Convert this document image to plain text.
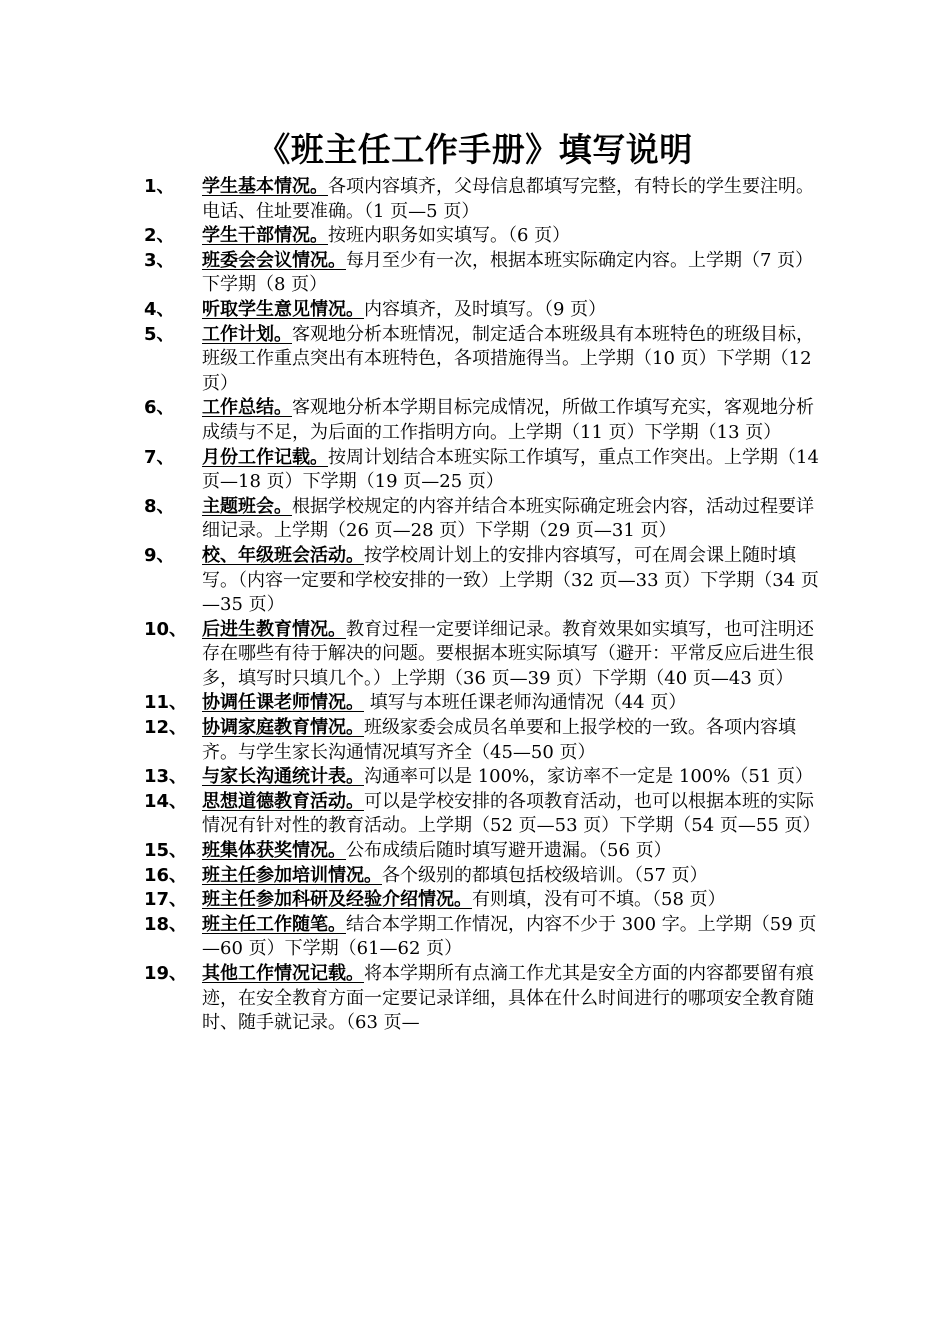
《班主任工作手册》填写说明
1、 学生基本情况。各项内容填齐，父母信息都填写完整，有特长的学生要注明。电话、住址要准确。（1 页—5 页）
2、 学生干部情况。按班内职务如实填写。（6 页）
3、 班委会会议情况。每月至少有一次，根据本班实际确定内容。上学期（7 页）下学期（8 页）
4、 听取学生意见情况。内容填齐，及时填写。（9 页）
5、 工作计划。客观地分析本班情况，制定适合本班级具有本班特色的班级目标，班级工作重点突出有本班特色，各项措施得当。上学期（10 页）下学期（12 页）
6、 工作总结。客观地分析本学期目标完成情况，所做工作填写充实，客观地分析成绩与不足，为后面的工作指明方向。上学期（11 页）下学期（13 页）
7、 月份工作记载。按周计划结合本班实际工作填写，重点工作突出。上学期（14 页—18 页）下学期（19 页—25 页）
8、 主题班会。根据学校规定的内容并结合本班实际确定班会内容，活动过程要详细记录。上学期（26 页—28 页）下学期（29 页—31 页）
9、 校、年级班会活动。按学校周计划上的安排内容填写，可在周会课上随时填写。（内容一定要和学校安排的一致）上学期（32 页—33 页）下学期（34 页—35 页）
10、 后进生教育情况。教育过程一定要详细记录。教育效果如实填写，也可注明还存在哪些有待于解决的问题。要根据本班实际填写（避开：平常反应后进生很多，填写时只填几个。）上学期（36 页—39 页）下学期（40 页—43 页）
11、 协调任课老师情况。 填写与本班任课老师沟通情况（44 页）
12、 协调家庭教育情况。班级家委会成员名单要和上报学校的一致。各项内容填齐。与学生家长沟通情况填写齐全（45—50 页）
13、 与家长沟通统计表。沟通率可以是 100%，家访率不一定是 100%（51 页）
14、 思想道德教育活动。可以是学校安排的各项教育活动，也可以根据本班的实际情况有针对性的教育活动。上学期（52 页—53 页）下学期（54 页—55 页）
15、 班集体获奖情况。公布成绩后随时填写避开遗漏。（56 页）
16、 班主任参加培训情况。各个级别的都填包括校级培训。（57 页）
17、 班主任参加科研及经验介绍情况。有则填，没有可不填。（58 页）
18、 班主任工作随笔。结合本学期工作情况，内容不少于 300 字。上学期（59 页—60 页）下学期（61—62 页）
19、 其他工作情况记载。将本学期所有点滴工作尤其是安全方面的内容都要留有痕迹，在安全教育方面一定要记录详细，具体在什么时间进行的哪项安全教育随时、随手就记录。（63 页—
